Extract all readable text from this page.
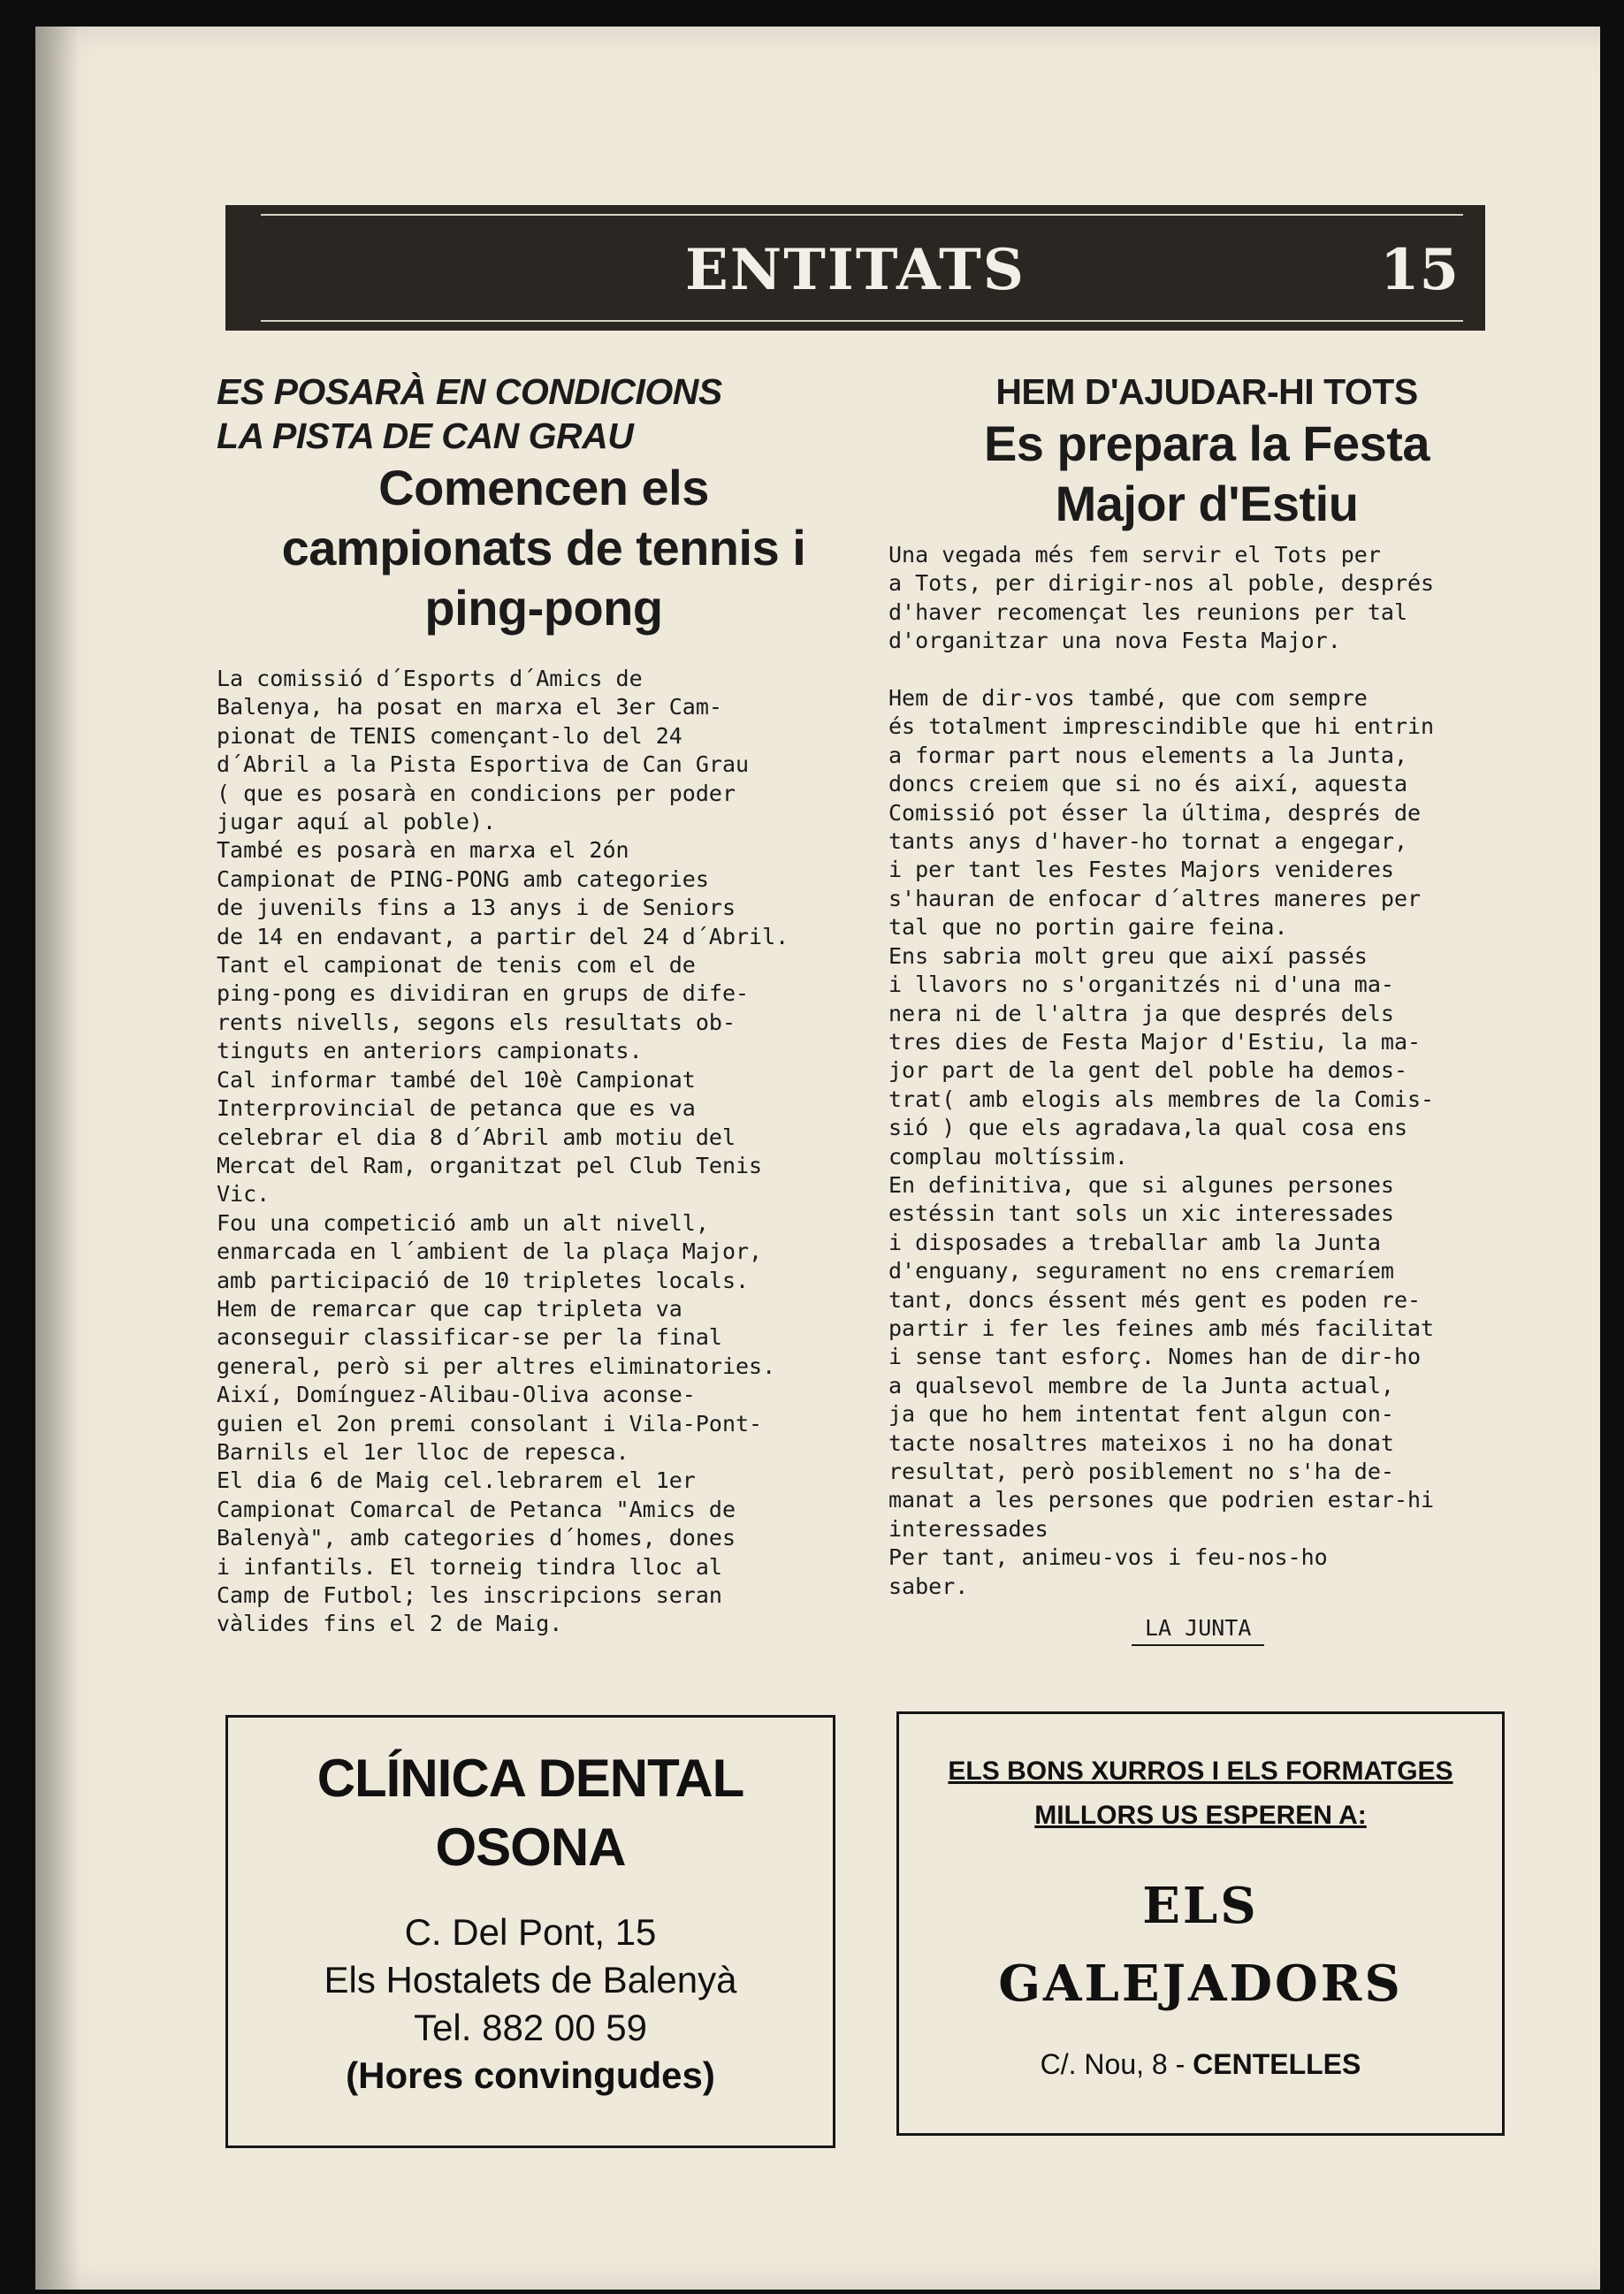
ENTITATS	15

ES POSARÀ EN CONDICIONS

LA PISTA DE CAN GRAU

Comencen els

campionats de tennis i

ping-pong

La comissió d´Esports d´Amics de
Balenya, ha posat en marxa el 3er Cam-
pionat de TENIS començant-lo del 24
d´Abril a la Pista Esportiva de Can Grau
( que es posarà en condicions per poder
jugar aquí al poble).
També es posarà en marxa el 2ón
Campionat de PING-PONG amb categories
de juvenils fins a 13 anys i de Seniors
de 14 en endavant, a partir del 24 d´Abril.
Tant el campionat de tenis com el de
ping-pong es dividiran en grups de dife-
rents nivells, segons els resultats ob-
tinguts en anteriors campionats.
Cal informar també del 10è Campionat
Interprovincial de petanca que es va
celebrar el dia 8 d´Abril amb motiu del
Mercat del Ram, organitzat pel Club Tenis
Vic.
Fou una competició amb un alt nivell,
enmarcada en l´ambient de la plaça Major,
amb participació de 10 tripletes locals.
Hem de remarcar que cap tripleta va
aconseguir classificar-se per la final
general, però si per altres eliminatories.
Així, Domínguez-Alibau-Oliva aconse-
guien el 2on premi consolant i Vila-Pont-
Barnils el 1er lloc de repesca.
El dia 6 de Maig cel.lebrarem el 1er
Campionat Comarcal de Petanca "Amics de
Balenyà", amb categories d´homes, dones
i infantils. El torneig tindra lloc al
Camp de Futbol; les inscripcions seran
vàlides fins el 2 de Maig.

HEM D'AJUDAR-HI TOTS

Es prepara la Festa

Major d'Estiu

Una vegada més fem servir el Tots per
a Tots, per dirigir-nos al poble, després
d'haver recomençat les reunions per tal
d'organitzar una nova Festa Major.

Hem de dir-vos també, que com sempre
és totalment imprescindible que hi entrin
a formar part nous elements a la Junta,
doncs creiem que si no és així, aquesta
Comissió pot ésser la última, després de
tants anys d'haver-ho tornat a engegar,
i per tant les Festes Majors venideres
s'hauran de enfocar d´altres maneres per
tal que no portin gaire feina.
Ens sabria molt greu que així passés
i llavors no s'organitzés ni d'una ma-
nera ni de l'altra ja que després dels
tres dies de Festa Major d'Estiu, la ma-
jor part de la gent del poble ha demos-
trat( amb elogis als membres de la Comis-
sió ) que els agradava,la qual cosa ens
complau moltíssim.
En definitiva, que si algunes persones
estéssin tant sols un xic interessades
i disposades a treballar amb la Junta
d'enguany, segurament no ens cremaríem
tant, doncs éssent més gent es poden re-
partir i fer les feines amb més facilitat
i sense tant esforç. Nomes han de dir-ho
a qualsevol membre de la Junta actual,
ja que ho hem intentat fent algun con-
tacte nosaltres mateixos i no ha donat
resultat, però posiblement no s'ha de-
manat a les persones que podrien estar-hi
interessades
Per tant, animeu-vos i feu-nos-ho
saber.

LA JUNTA
CLÍNICA DENTAL
OSONA
C. Del Pont, 15
Els Hostalets de Balenyà
Tel. 882 00 59
(Hores convingudes)
ELS BONS XURROS I ELS FORMATGES
MILLORS US ESPEREN A:
ELS
GALEJADORS
C/. Nou, 8 - CENTELLES
